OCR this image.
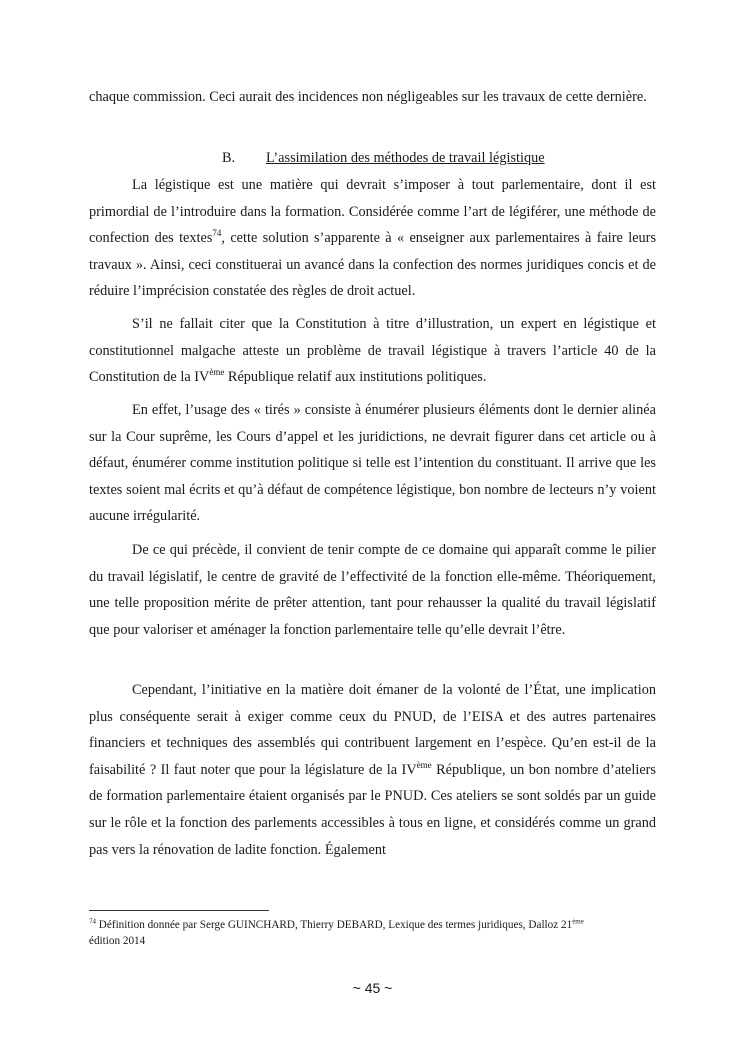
chaque commission. Ceci aurait des incidences non négligeables sur les travaux de cette dernière.

B. L’assimilation des méthodes de travail légistique

La légistique est une matière qui devrait s’imposer à tout parlementaire, dont il est primordial de l’introduire dans la formation. Considérée comme l’art de légiférer, une méthode de confection des textes$^{74}$, cette solution s’apparente à « enseigner aux parlementaires à faire leurs travaux ». Ainsi, ceci constituerai un avancé dans la confection des normes juridiques concis et de réduire l’imprécision constatée des règles de droit actuel.

S’il ne fallait citer que la Constitution à titre d’illustration, un expert en légistique et constitutionnel malgache atteste un problème de travail légistique à travers l’article 40 de la Constitution de la IVème République relatif aux institutions politiques.

En effet, l’usage des « tirés » consiste à énumérer plusieurs éléments dont le dernier alinéa sur la Cour suprême, les Cours d’appel et les juridictions, ne devrait figurer dans cet article ou à défaut, énumérer comme institution politique si telle est l’intention du constituant. Il arrive que les textes soient mal écrits et qu’à défaut de compétence légistique, bon nombre de lecteurs n’y voient aucune irrégularité.

De ce qui précède, il convient de tenir compte de ce domaine qui apparaît comme le pilier du travail législatif, le centre de gravité de l’effectivité de la fonction elle-même. Théoriquement, une telle proposition mérite de prêter attention, tant pour rehausser la qualité du travail législatif que pour valoriser et aménager la fonction parlementaire telle qu’elle devrait l’être.

Cependant, l’initiative en la matière doit émaner de la volonté de l’État, une implication plus conséquente serait à exiger comme ceux du PNUD, de l’EISA et des autres partenaires financiers et techniques des assemblés qui contribuent largement en l’espèce. Qu’en est-il de la faisabilité ? Il faut noter que pour la législature de la IVème République, un bon nombre d’ateliers de formation parlementaire étaient organisés par le PNUD. Ces ateliers se sont soldés par un guide sur le rôle et la fonction des parlements accessibles à tous en ligne, et considérés comme un grand pas vers la rénovation de ladite fonction. Également

$^{74}$ Définition donnée par Serge GUINCHARD, Thierry DEBARD, Lexique des termes juridiques, Dalloz 21ème
édition 2014
~ 45 ~
